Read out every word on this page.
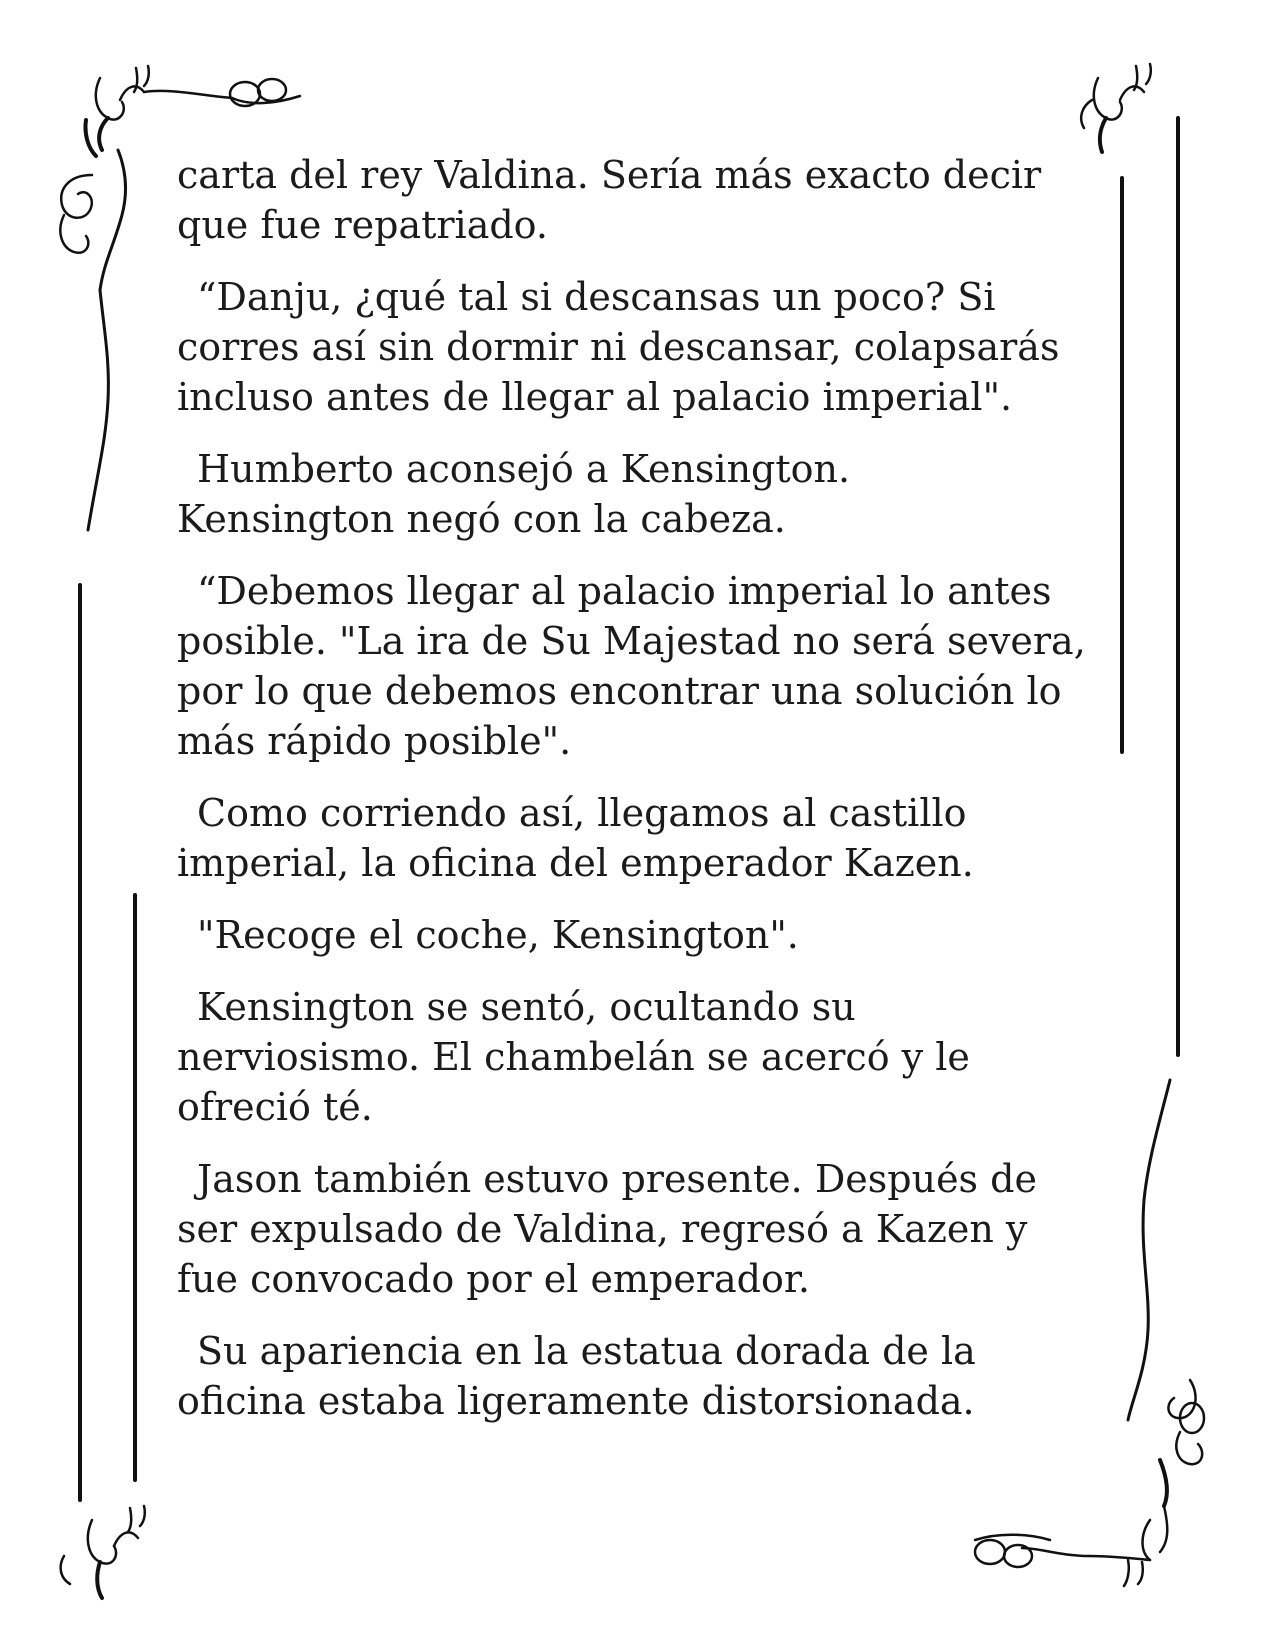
carta del rey Valdina. Sería más exacto decir
que fue repatriado.
“Danju, ¿qué tal si descansas un poco? Si
corres así sin dormir ni descansar, colapsarás
incluso antes de llegar al palacio imperial".
Humberto aconsejó a Kensington.
Kensington negó con la cabeza.
“Debemos llegar al palacio imperial lo antes
posible. "La ira de Su Majestad no será severa,
por lo que debemos encontrar una solución lo
más rápido posible".
Como corriendo así, llegamos al castillo
imperial, la oficina del emperador Kazen.
"Recoge el coche, Kensington".
Kensington se sentó, ocultando su
nerviosismo. El chambelán se acercó y le
ofreció té.
Jason también estuvo presente. Después de
ser expulsado de Valdina, regresó a Kazen y
fue convocado por el emperador.
Su apariencia en la estatua dorada de la
oficina estaba ligeramente distorsionada.
